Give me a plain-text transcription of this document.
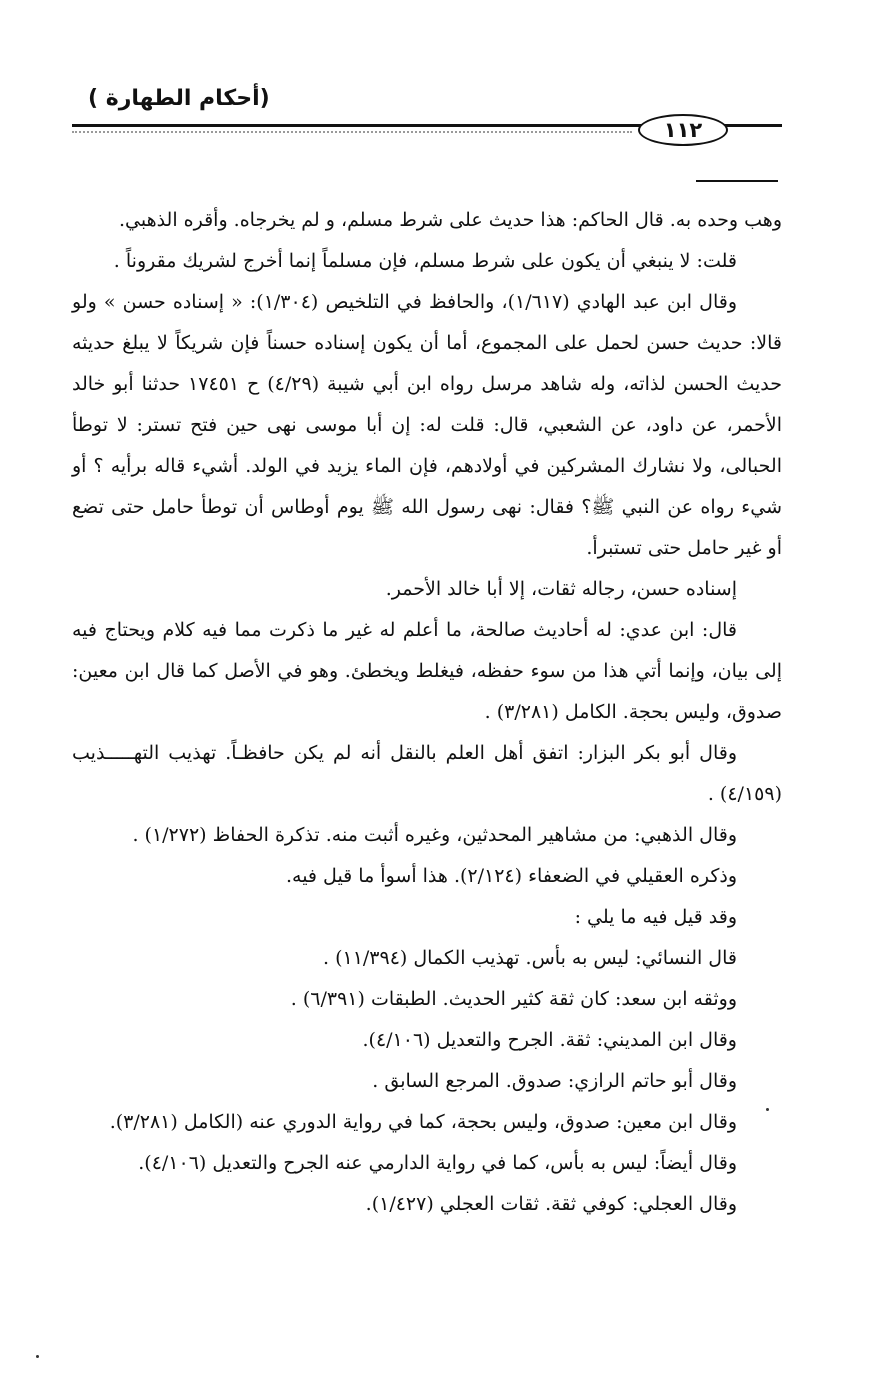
(أحكام الطهارة )
١١٢

وهب وحده به. قال الحاكم: هذا حديث على شرط مسلم، و لم يخرجاه. وأقره الذهبي.

قلت: لا ينبغي أن يكون على شرط مسلم، فإن مسلماً إنما أخرج لشريك مقروناً .

وقال ابن عبد الهادي (١/٦١٧)، والحافظ في التلخيص (١/٣٠٤): « إسناده حسن » ولو قالا: حديث حسن لحمل على المجموع، أما أن يكون إسناده حسناً فإن شريكاً لا يبلغ حديثه حديث الحسن لذاته، وله شاهد مرسل رواه ابن أبي شيبة (٤/٢٩) ح ١٧٤٥١ حدثنا أبو خالد الأحمر، عن داود، عن الشعبي، قال: قلت له: إن أبا موسى نهى حين فتح تستر: لا توطأ الحبالى، ولا نشارك المشركين في أولادهم، فإن الماء يزيد في الولد. أشيء قاله برأيه ؟ أو شيء رواه عن النبي ﷺ؟ فقال: نهى رسول الله ﷺ يوم أوطاس أن توطأ حامل حتى تضع أو غير حامل حتى تستبرأ.

إسناده حسن، رجاله ثقات، إلا أبا خالد الأحمر.

قال: ابن عدي: له أحاديث صالحة، ما أعلم له غير ما ذكرت مما فيه كلام ويحتاج فيه إلى بيان، وإنما أتي هذا من سوء حفظه، فيغلط ويخطئ. وهو في الأصل كما قال ابن معين: صدوق، وليس بحجة. الكامل (٣/٢٨١) .

وقال أبو بكر البزار: اتفق أهل العلم بالنقل أنه لم يكن حافظـاً. تهذيب التهـــــذيب (٤/١٥٩) .

وقال الذهبي: من مشاهير المحدثين، وغيره أثبت منه. تذكرة الحفاظ (١/٢٧٢) .

وذكره العقيلي في الضعفاء (٢/١٢٤). هذا أسوأ ما قيل فيه.

وقد قيل فيه ما يلي :

قال النسائي: ليس به بأس. تهذيب الكمال (١١/٣٩٤) .

ووثقه ابن سعد: كان ثقة كثير الحديث. الطبقات (٦/٣٩١) .

وقال ابن المديني: ثقة. الجرح والتعديل (٤/١٠٦).

وقال أبو حاتم الرازي: صدوق. المرجع السابق .

وقال ابن معين: صدوق، وليس بحجة، كما في رواية الدوري عنه (الكامل (٣/٢٨١).

وقال أيضاً: ليس به بأس، كما في رواية الدارمي عنه الجرح والتعديل (٤/١٠٦).

وقال العجلي: كوفي ثقة. ثقات العجلي (١/٤٢٧).
